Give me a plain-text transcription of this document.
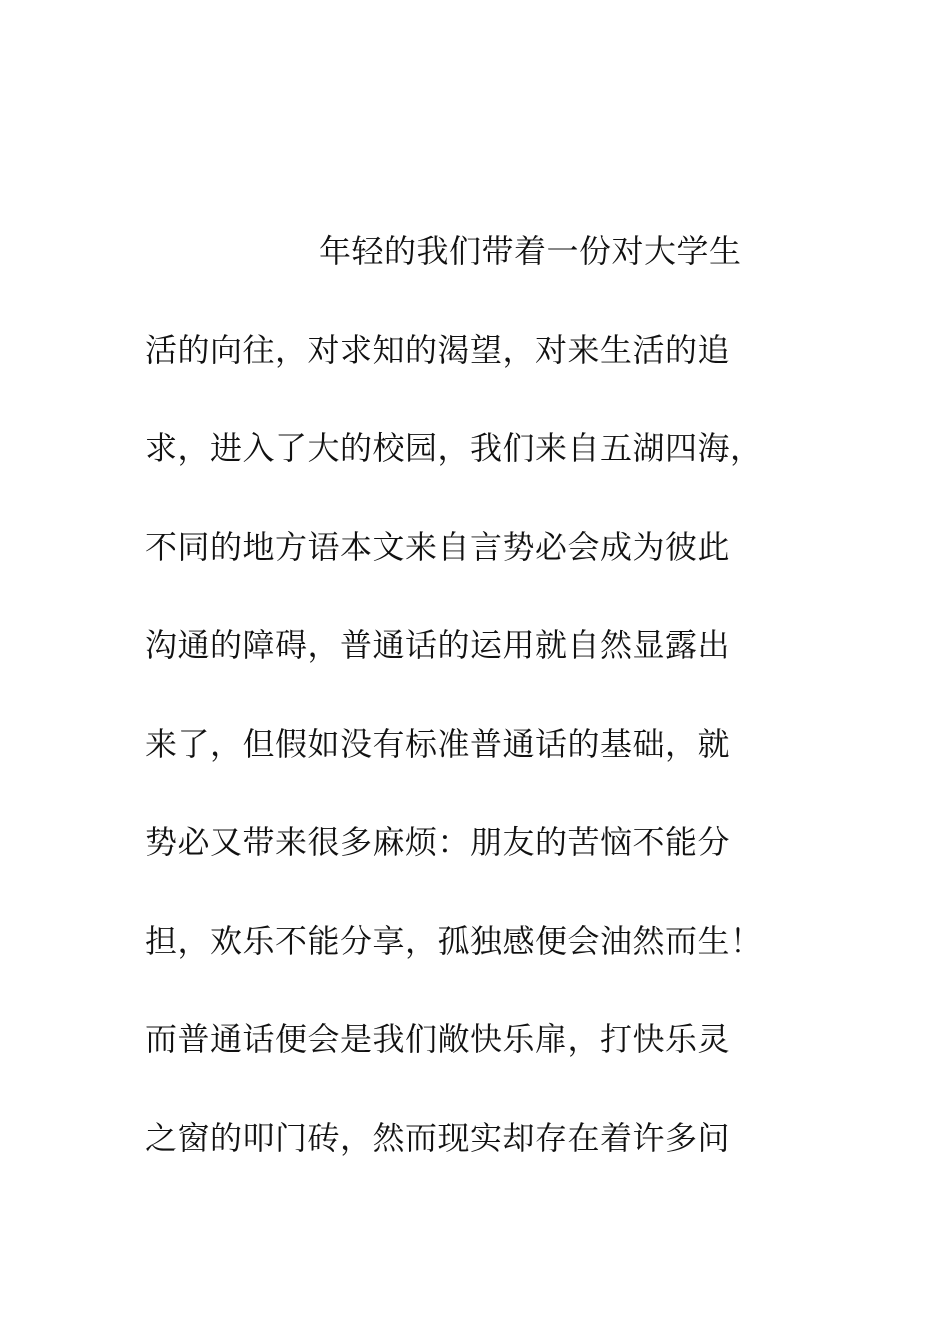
年轻的我们带着一份对大学生
活的向往，对求知的渴望，对来生活的追
求，进入了大的校园，我们来自五湖四海，
不同的地方语本文来自言势必会成为彼此
沟通的障碍，普通话的运用就自然显露出
来了，但假如没有标准普通话的基础，就
势必又带来很多麻烦：朋友的苦恼不能分
担，欢乐不能分享，孤独感便会油然而生！
而普通话便会是我们敞快乐扉，打快乐灵
之窗的叩门砖，然而现实却存在着许多问
